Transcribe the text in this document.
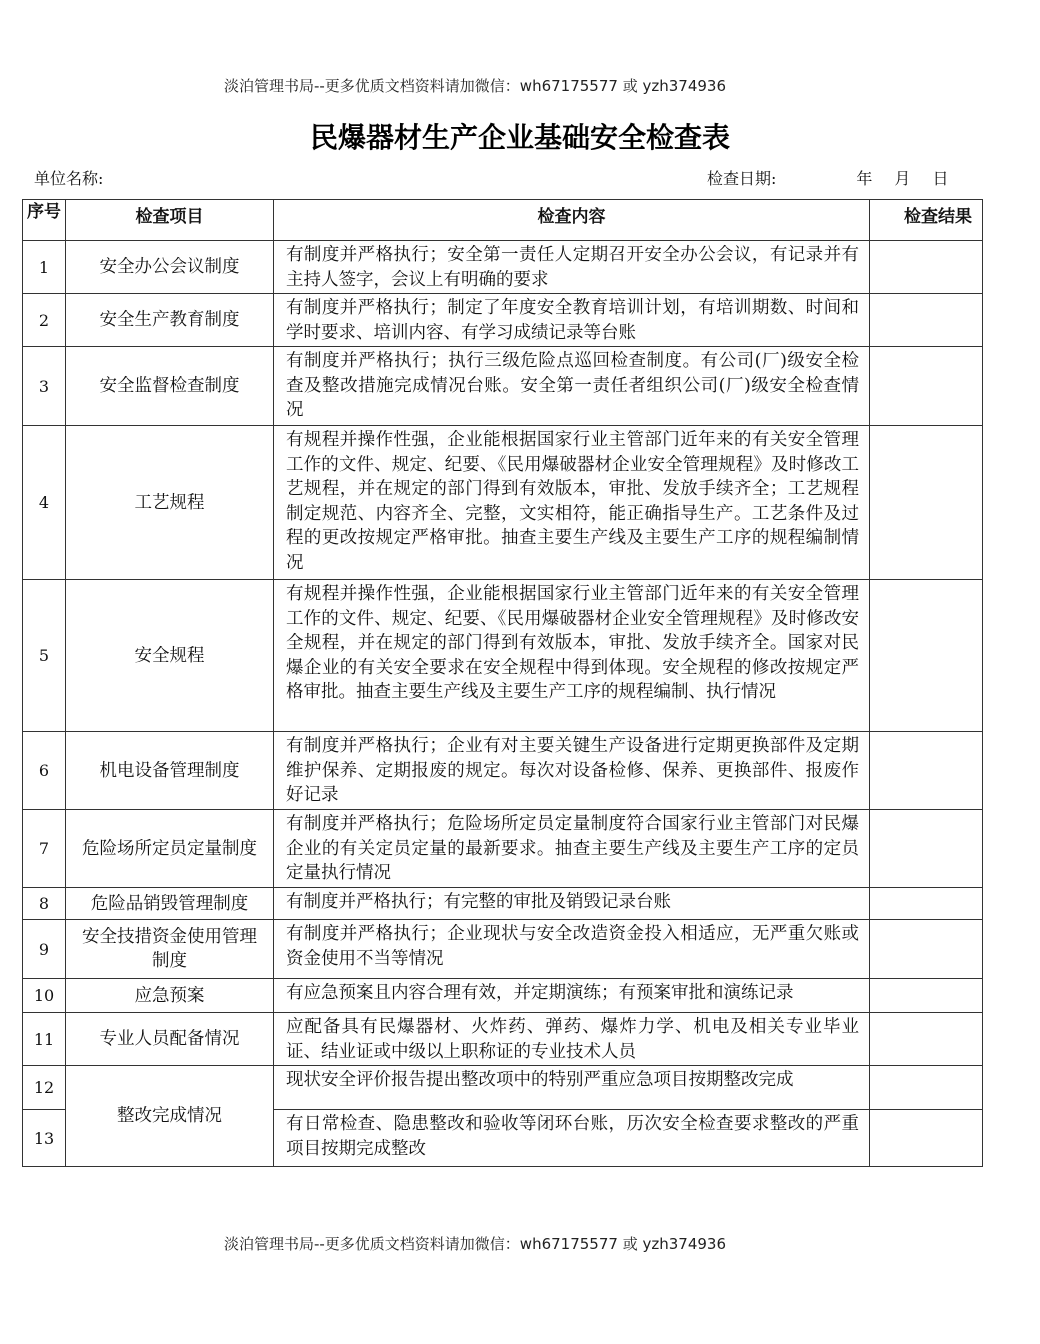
淡泊管理书局--更多优质文档资料请加微信：wh67175577 或 yzh374936
民爆器材生产企业基础安全检查表
单位名称:	检查日期:	年 月 日
序号	检查项目	检查内容	检查结果
1	安全办公会议制度	有制度并严格执行；安全第一责任人定期召开安全办公会议，有记录并有主持人签字，会议上有明确的要求	
2	安全生产教育制度	有制度并严格执行；制定了年度安全教育培训计划，有培训期数、时间和学时要求、培训内容、有学习成绩记录等台账	
3	安全监督检查制度	有制度并严格执行；执行三级危险点巡回检查制度。有公司(厂)级安全检查及整改措施完成情况台账。安全第一责任者组织公司(厂)级安全检查情况	
4	工艺规程	有规程并操作性强，企业能根据国家行业主管部门近年来的有关安全管理工作的文件、规定、纪要、《民用爆破器材企业安全管理规程》及时修改工艺规程，并在规定的部门得到有效版本，审批、发放手续齐全；工艺规程制定规范、内容齐全、完整，文实相符，能正确指导生产。工艺条件及过程的更改按规定严格审批。抽查主要生产线及主要生产工序的规程编制情况	
5	安全规程	有规程并操作性强，企业能根据国家行业主管部门近年来的有关安全管理工作的文件、规定、纪要、《民用爆破器材企业安全管理规程》及时修改安全规程，并在规定的部门得到有效版本，审批、发放手续齐全。国家对民爆企业的有关安全要求在安全规程中得到体现。安全规程的修改按规定严格审批。抽查主要生产线及主要生产工序的规程编制、执行情况	
6	机电设备管理制度	有制度并严格执行；企业有对主要关键生产设备进行定期更换部件及定期维护保养、定期报废的规定。每次对设备检修、保养、更换部件、报废作好记录	
7	危险场所定员定量制度	有制度并严格执行；危险场所定员定量制度符合国家行业主管部门对民爆企业的有关定员定量的最新要求。抽查主要生产线及主要生产工序的定员定量执行情况	
8	危险品销毁管理制度	有制度并严格执行；有完整的审批及销毁记录台账	
9	安全技措资金使用管理制度	有制度并严格执行；企业现状与安全改造资金投入相适应，无严重欠账或资金使用不当等情况	
10	应急预案	有应急预案且内容合理有效，并定期演练；有预案审批和演练记录	

11	专业人员配备情况	应配备具有民爆器材、火炸药、弹药、爆炸力学、机电及相关专业毕业证、结业证或中级以上职称证的专业技术人员	
12	整改完成情况	现状安全评价报告提出整改项中的特别严重应急项目按期整改完成	

13		有日常检查、隐患整改和验收等闭环台账，历次安全检查要求整改的严重项目按期完成整改	
淡泊管理书局--更多优质文档资料请加微信：wh67175577 或 yzh374936
